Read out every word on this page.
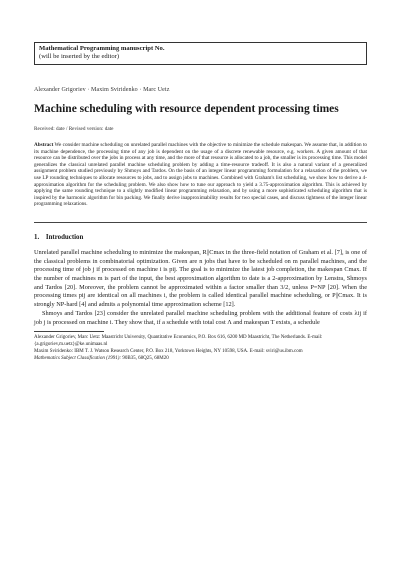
Mathematical Programming manuscript No.
(will be inserted by the editor)
Alexander Grigoriev · Maxim Sviridenko · Marc Uetz
Machine scheduling with resource dependent processing times
Received: date / Revised version: date
Abstract We consider machine scheduling on unrelated parallel machines with the objective to minimize the schedule makespan. We assume that, in addition to its machine dependence, the processing time of any job is dependent on the usage of a discrete renewable resource, e.g. workers. A given amount of that resource can be distributed over the jobs in process at any time, and the more of that resource is allocated to a job, the smaller is its processing time. This model generalizes the classical unrelated parallel machine scheduling problem by adding a time-resource tradeoff. It is also a natural variant of a generalized assignment problem studied previously by Shmoys and Tardos. On the basis of an integer linear programming formulation for a relaxation of the problem, we use LP rounding techniques to allocate resources to jobs, and to assign jobs to machines. Combined with Graham's list scheduling, we show how to derive a 4-approximation algorithm for the scheduling problem. We also show how to tune our approach to yield a 3.75-approximation algorithm. This is achieved by applying the same rounding technique to a slightly modified linear programming relaxation, and by using a more sophisticated scheduling algorithm that is inspired by the harmonic algorithm for bin packing. We finally derive inapproximability results for two special cases, and discuss tightness of the integer linear programming relaxations.
1. Introduction

Unrelated parallel machine scheduling to minimize the makespan, R||Cmax in the three-field notation of Graham et al. [7], is one of the classical problems in combinatorial optimization. Given are n jobs that have to be scheduled on m parallel machines, and the processing time of job j if processed on machine i is pij. The goal is to minimize the latest job completion, the makespan Cmax. If the number of machines m is part of the input, the best approximation algorithm to date is a 2-approximation by Lenstra, Shmoys and Tardos [20]. Moreover, the problem cannot be approximated within a factor smaller than 3/2, unless P=NP [20]. When the processing times pij are identical on all machines i, the problem is called identical parallel machine scheduling, or P||Cmax. It is strongly NP-hard [4] and admits a polynomial time approximation scheme [12].

Shmoys and Tardos [23] consider the unrelated parallel machine scheduling problem with the additional feature of costs λij if job j is processed on machine i. They show that, if a schedule with total cost Λ and makespan T exists, a schedule

Alexander Grigoriev, Marc Uetz: Maastricht University, Quantitative Economics, P.O. Box 616, 6200 MD Maastricht, The Netherlands. E-mail: {a.grigoriev,m.uetz}@ke.unimaas.nl

Maxim Sviridenko: IBM T. J. Watson Research Center, P.O. Box 218, Yorktown Heights, NY 10598, USA. E-mail: sviri@us.ibm.com

Mathematics Subject Classification (1991): 90B35, 68Q25, 68M20
